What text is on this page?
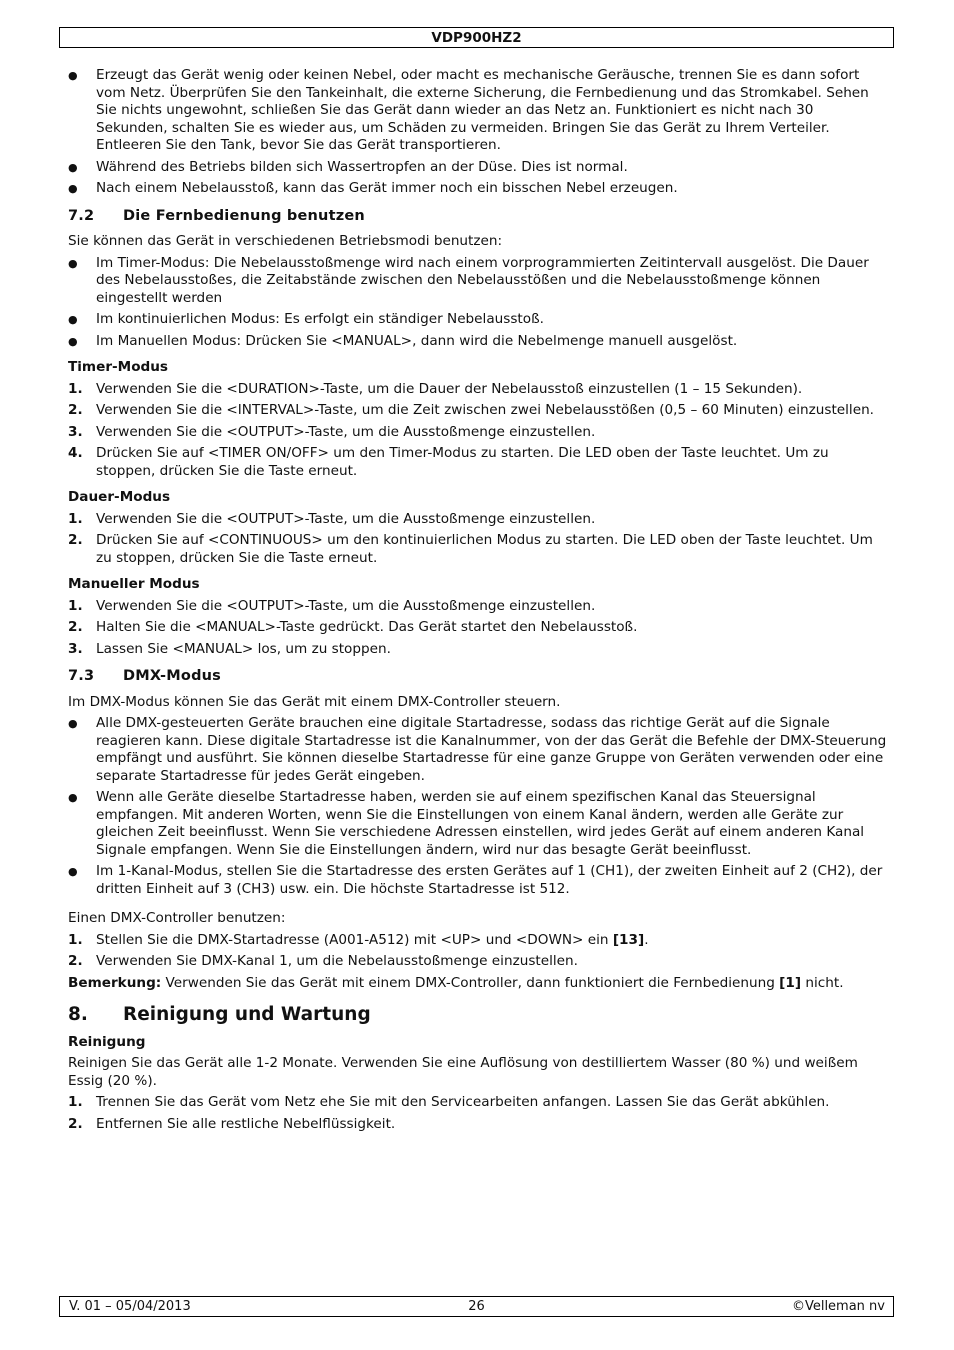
VDP900HZ2
● Erzeugt das Gerät wenig oder keinen Nebel, oder macht es mechanische Geräusche, trennen Sie es dann sofort vom Netz. Überprüfen Sie den Tankeinhalt, die externe Sicherung, die Fernbedienung und das Stromkabel. Sehen Sie nichts ungewohnt, schließen Sie das Gerät dann wieder an das Netz an. Funktioniert es nicht nach 30 Sekunden, schalten Sie es wieder aus, um Schäden zu vermeiden. Bringen Sie das Gerät zu Ihrem Verteiler. Entleeren Sie den Tank, bevor Sie das Gerät transportieren.
● Während des Betriebs bilden sich Wassertropfen an der Düse. Dies ist normal.
● Nach einem Nebelausstoß, kann das Gerät immer noch ein bisschen Nebel erzeugen.
7.2 Die Fernbedienung benutzen

Sie können das Gerät in verschiedenen Betriebsmodi benutzen:

● Im Timer-Modus: Die Nebelausstoßmenge wird nach einem vorprogrammierten Zeitintervall ausgelöst. Die Dauer des Nebelausstoßes, die Zeitabstände zwischen den Nebelausstößen und die Nebelausstoßmenge können eingestellt werden
● Im kontinuierlichen Modus: Es erfolgt ein ständiger Nebelausstoß.
● Im Manuellen Modus: Drücken Sie <MANUAL>, dann wird die Nebelmenge manuell ausgelöst.
Timer-Modus
1. Verwenden Sie die <DURATION>-Taste, um die Dauer der Nebelausstoß einzustellen (1 – 15 Sekunden).
2. Verwenden Sie die <INTERVAL>-Taste, um die Zeit zwischen zwei Nebelausstößen (0,5 – 60 Minuten) einzustellen.
3. Verwenden Sie die <OUTPUT>-Taste, um die Ausstoßmenge einzustellen.
4. Drücken Sie auf <TIMER ON/OFF> um den Timer-Modus zu starten. Die LED oben der Taste leuchtet. Um zu stoppen, drücken Sie die Taste erneut.
Dauer-Modus
1. Verwenden Sie die <OUTPUT>-Taste, um die Ausstoßmenge einzustellen.
2. Drücken Sie auf <CONTINUOUS> um den kontinuierlichen Modus zu starten. Die LED oben der Taste leuchtet. Um zu stoppen, drücken Sie die Taste erneut.
Manueller Modus
1. Verwenden Sie die <OUTPUT>-Taste, um die Ausstoßmenge einzustellen.
2. Halten Sie die <MANUAL>-Taste gedrückt. Das Gerät startet den Nebelausstoß.
3. Lassen Sie <MANUAL> los, um zu stoppen.
7.3 DMX-Modus

Im DMX-Modus können Sie das Gerät mit einem DMX-Controller steuern.

● Alle DMX-gesteuerten Geräte brauchen eine digitale Startadresse, sodass das richtige Gerät auf die Signale reagieren kann. Diese digitale Startadresse ist die Kanalnummer, von der das Gerät die Befehle der DMX-Steuerung empfängt und ausführt. Sie können dieselbe Startadresse für eine ganze Gruppe von Geräten verwenden oder eine separate Startadresse für jedes Gerät eingeben.
● Wenn alle Geräte dieselbe Startadresse haben, werden sie auf einem spezifischen Kanal das Steuersignal empfangen. Mit anderen Worten, wenn Sie die Einstellungen von einem Kanal ändern, werden alle Geräte zur gleichen Zeit beeinflusst. Wenn Sie verschiedene Adressen einstellen, wird jedes Gerät auf einem anderen Kanal Signale empfangen. Wenn Sie die Einstellungen ändern, wird nur das besagte Gerät beeinflusst.
● Im 1-Kanal-Modus, stellen Sie die Startadresse des ersten Gerätes auf 1 (CH1), der zweiten Einheit auf 2 (CH2), der dritten Einheit auf 3 (CH3) usw. ein. Die höchste Startadresse ist 512.

Einen DMX-Controller benutzen:

1. Stellen Sie die DMX-Startadresse (A001-A512) mit <UP> und <DOWN> ein [13].
2. Verwenden Sie DMX-Kanal 1, um die Nebelausstoßmenge einzustellen.

Bemerkung: Verwenden Sie das Gerät mit einem DMX-Controller, dann funktioniert die Fernbedienung [1] nicht.

8. Reinigung und Wartung
Reinigung

Reinigen Sie das Gerät alle 1-2 Monate. Verwenden Sie eine Auflösung von destilliertem Wasser (80 %) und weißem Essig (20 %).

1. Trennen Sie das Gerät vom Netz ehe Sie mit den Servicearbeiten anfangen. Lassen Sie das Gerät abkühlen.
2. Entfernen Sie alle restliche Nebelflüssigkeit.
V. 01 – 05/04/2013	26	©Velleman nv
